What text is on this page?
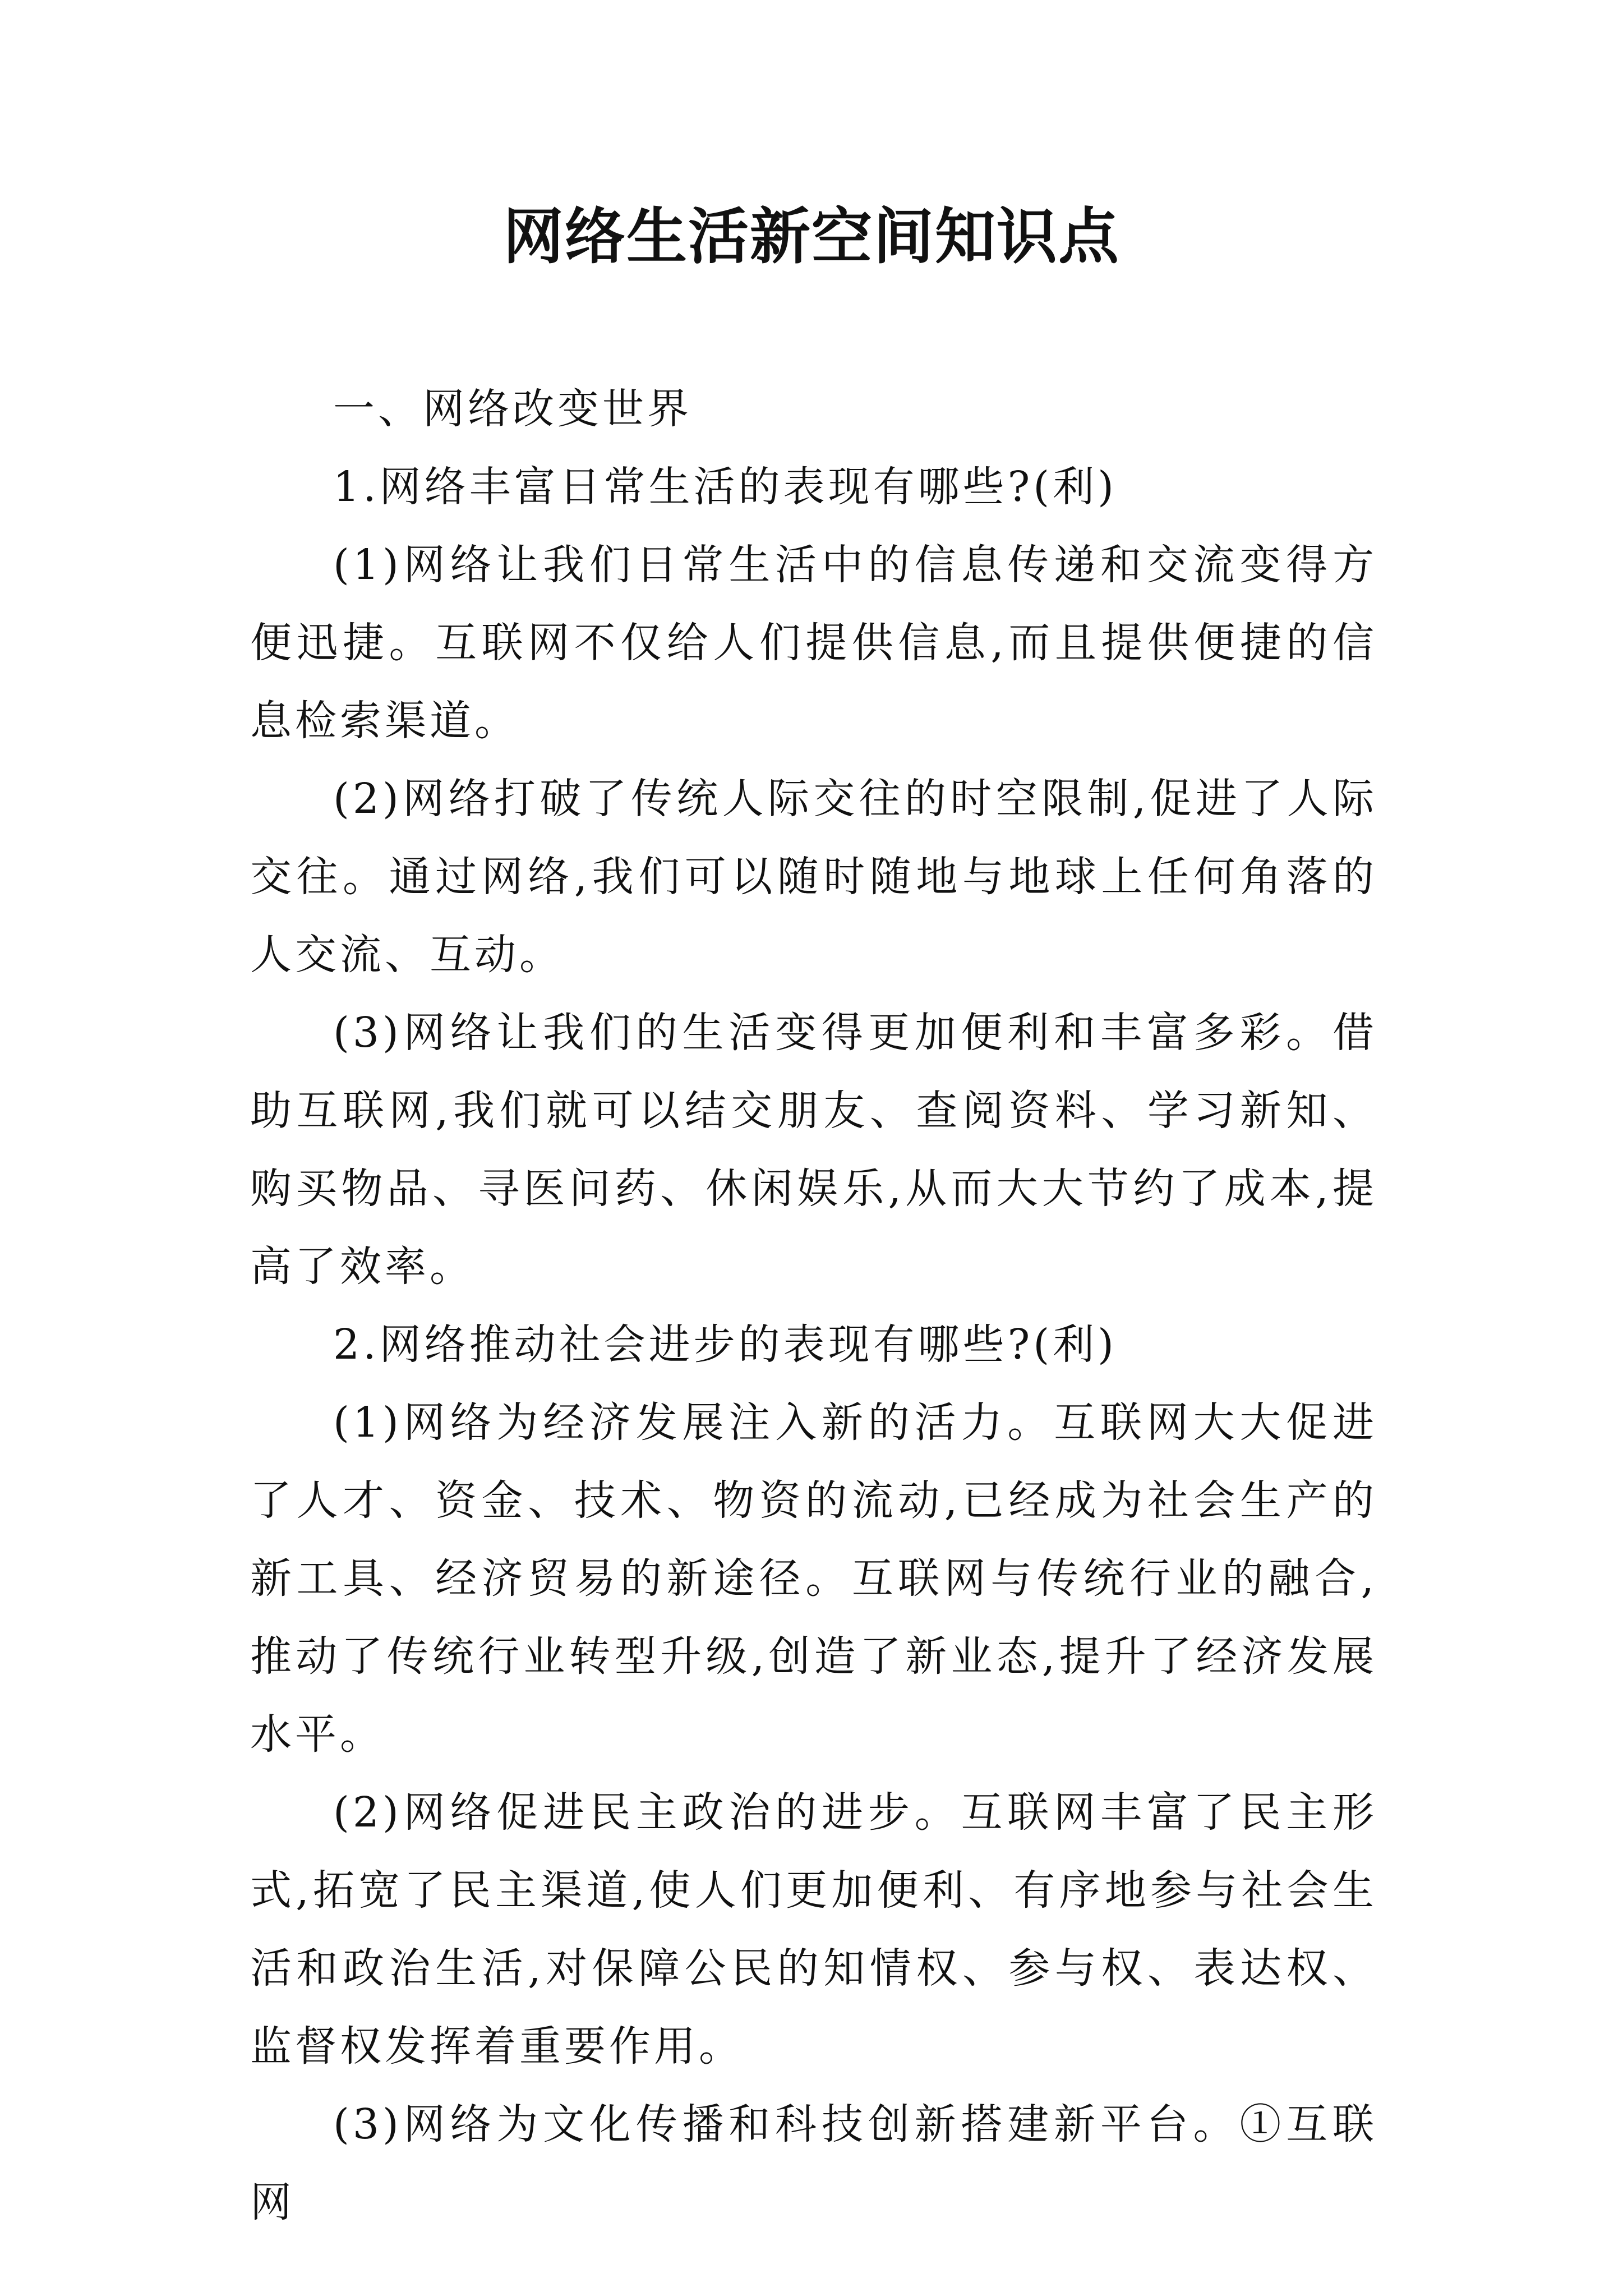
网络生活新空间知识点

一、网络改变世界

1.网络丰富日常生活的表现有哪些?(利)

(1)网络让我们日常生活中的信息传递和交流变得方便迅捷。互联网不仅给人们提供信息,而且提供便捷的信息检索渠道。

(2)网络打破了传统人际交往的时空限制,促进了人际交往。通过网络,我们可以随时随地与地球上任何角落的人交流、互动。

(3)网络让我们的生活变得更加便利和丰富多彩。借助互联网,我们就可以结交朋友、查阅资料、学习新知、购买物品、寻医问药、休闲娱乐,从而大大节约了成本,提高了效率。

2.网络推动社会进步的表现有哪些?(利)

(1)网络为经济发展注入新的活力。互联网大大促进了人才、资金、技术、物资的流动,已经成为社会生产的新工具、经济贸易的新途径。互联网与传统行业的融合,推动了传统行业转型升级,创造了新业态,提升了经济发展水平。

(2)网络促进民主政治的进步。互联网丰富了民主形式,拓宽了民主渠道,使人们更加便利、有序地参与社会生活和政治生活,对保障公民的知情权、参与权、表达权、监督权发挥着重要作用。

(3)网络为文化传播和科技创新搭建新平台。①互联网
